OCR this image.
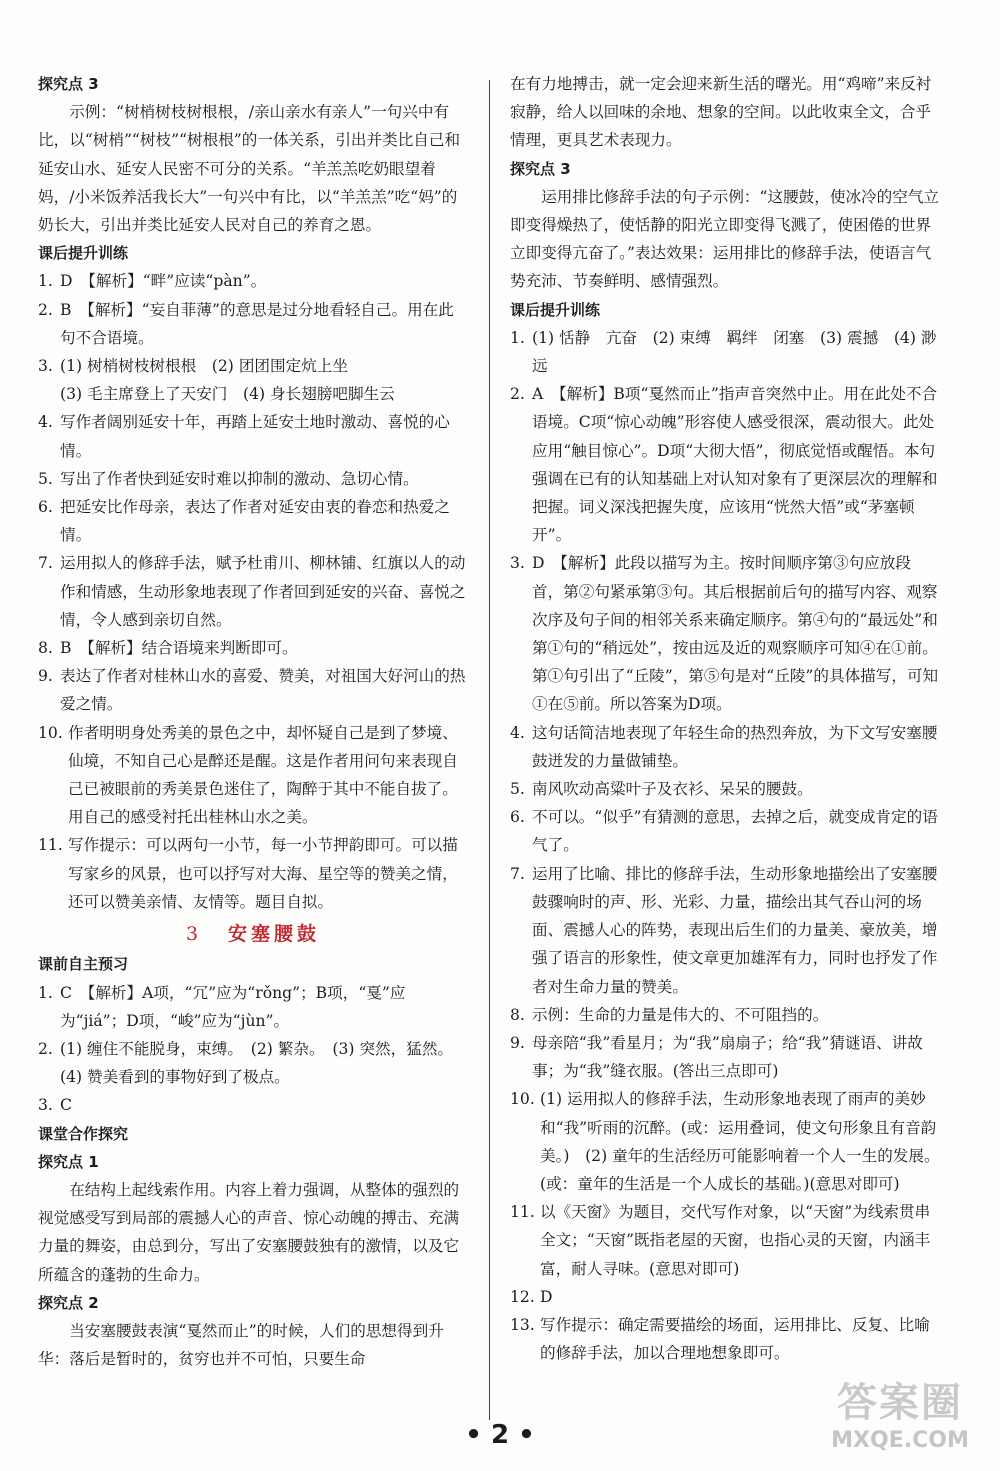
探究点 3

示例：“树梢树枝树根根，/亲山亲水有亲人”一句兴中有比，以“树梢”“树枝”“树根根”的一体关系，引出并类比自己和延安山水、延安人民密不可分的关系。“羊羔羔吃奶眼望着妈，/小米饭养活我长大”一句兴中有比，以“羊羔羔”吃“妈”的奶长大，引出并类比延安人民对自己的养育之恩。

课后提升训练

1. D　【解析】“畔”应读“pàn”。
2. B　【解析】“妄自菲薄”的意思是过分地看轻自己。用在此句不合语境。
3. (1) 树梢树枝树根根　(2) 团团围定炕上坐
(3) 毛主席登上了天安门　(4) 身长翅膀吧脚生云
4. 写作者阔别延安十年，再踏上延安土地时激动、喜悦的心情。
5. 写出了作者快到延安时难以抑制的激动、急切心情。
6. 把延安比作母亲，表达了作者对延安由衷的眷恋和热爱之情。
7. 运用拟人的修辞手法，赋予杜甫川、柳林铺、红旗以人的动作和情感，生动形象地表现了作者回到延安的兴奋、喜悦之情，令人感到亲切自然。
8. B　【解析】结合语境来判断即可。
9. 表达了作者对桂林山水的喜爱、赞美，对祖国大好河山的热爱之情。
10. 作者明明身处秀美的景色之中，却怀疑自己是到了梦境、仙境，不知自己心是醉还是醒。这是作者用问句来表现自己已被眼前的秀美景色迷住了，陶醉于其中不能自拔了。用自己的感受衬托出桂林山水之美。
11. 写作提示：可以两句一小节，每一小节押韵即可。可以描写家乡的风景，也可以抒写对大海、星空等的赞美之情，还可以赞美亲情、友情等。题目自拟。
3 安塞腰鼓

课前自主预习

1. C　【解析】A项，“冗”应为“rǒng”；B项，“戛”应为“jiá”；D项，“峻”应为“jùn”。
2. (1) 缠住不能脱身，束缚。　(2) 繁杂。　(3) 突然，猛然。　(4) 赞美看到的事物好到了极点。
3. C

课堂合作探究

探究点 1

在结构上起线索作用。内容上着力强调，从整体的强烈的视觉感受写到局部的震撼人心的声音、惊心动魄的搏击、充满力量的舞姿，由总到分，写出了安塞腰鼓独有的激情，以及它所蕴含的蓬勃的生命力。

探究点 2

当安塞腰鼓表演“戛然而止”的时候，人们的思想得到升华：落后是暂时的，贫穷也并不可怕，只要生命

在有力地搏击，就一定会迎来新生活的曙光。用“鸡啼”来反衬寂静，给人以回味的余地、想象的空间。以此收束全文，合乎情理，更具艺术表现力。

探究点 3

运用排比修辞手法的句子示例：“这腰鼓，使冰冷的空气立即变得燥热了，使恬静的阳光立即变得飞溅了，使困倦的世界立即变得亢奋了。”表达效果：运用排比的修辞手法，使语言气势充沛、节奏鲜明、感情强烈。

课后提升训练

1. (1) 恬静　亢奋　(2) 束缚　羁绊　闭塞　(3) 震撼　(4) 渺远
2. A　【解析】B项“戛然而止”指声音突然中止。用在此处不合语境。C项“惊心动魄”形容使人感受很深，震动很大。此处应用“触目惊心”。D项“大彻大悟”，彻底觉悟或醒悟。本句强调在已有的认知基础上对认知对象有了更深层次的理解和把握。词义深浅把握失度，应该用“恍然大悟”或“茅塞顿开”。
3. D　【解析】此段以描写为主。按时间顺序第③句应放段首，第②句紧承第③句。其后根据前后句的描写内容、观察次序及句子间的相邻关系来确定顺序。第④句的“最远处”和第①句的“稍远处”，按由远及近的观察顺序可知④在①前。第①句引出了“丘陵”，第⑤句是对“丘陵”的具体描写，可知①在⑤前。所以答案为D项。
4. 这句话简洁地表现了年轻生命的热烈奔放，为下文写安塞腰鼓迸发的力量做铺垫。
5. 南风吹动高粱叶子及衣衫、呆呆的腰鼓。
6. 不可以。“似乎”有猜测的意思，去掉之后，就变成肯定的语气了。
7. 运用了比喻、排比的修辞手法，生动形象地描绘出了安塞腰鼓骤响时的声、形、光彩、力量，描绘出其气吞山河的场面、震撼人心的阵势，表现出后生们的力量美、豪放美，增强了语言的形象性，使文章更加雄浑有力，同时也抒发了作者对生命力量的赞美。
8. 示例：生命的力量是伟大的、不可阻挡的。
9. 母亲陪“我”看星月；为“我”扇扇子；给“我”猜谜语、讲故事；为“我”缝衣服。(答出三点即可)
10. (1) 运用拟人的修辞手法，生动形象地表现了雨声的美妙和“我”听雨的沉醉。(或：运用叠词，使文句形象且有音韵美。)　(2) 童年的生活经历可能影响着一个人一生的发展。(或：童年的生活是一个人成长的基础。)(意思对即可)
11. 以《天窗》为题目，交代写作对象，以“天窗”为线索贯串全文；“天窗”既指老屋的天窗，也指心灵的天窗，内涵丰富，耐人寻味。(意思对即可)
12. D
13. 写作提示：确定需要描绘的场面，运用排比、反复、比喻的修辞手法，加以合理地想象即可。
• 2 •
答案圈
MXQE.COM
